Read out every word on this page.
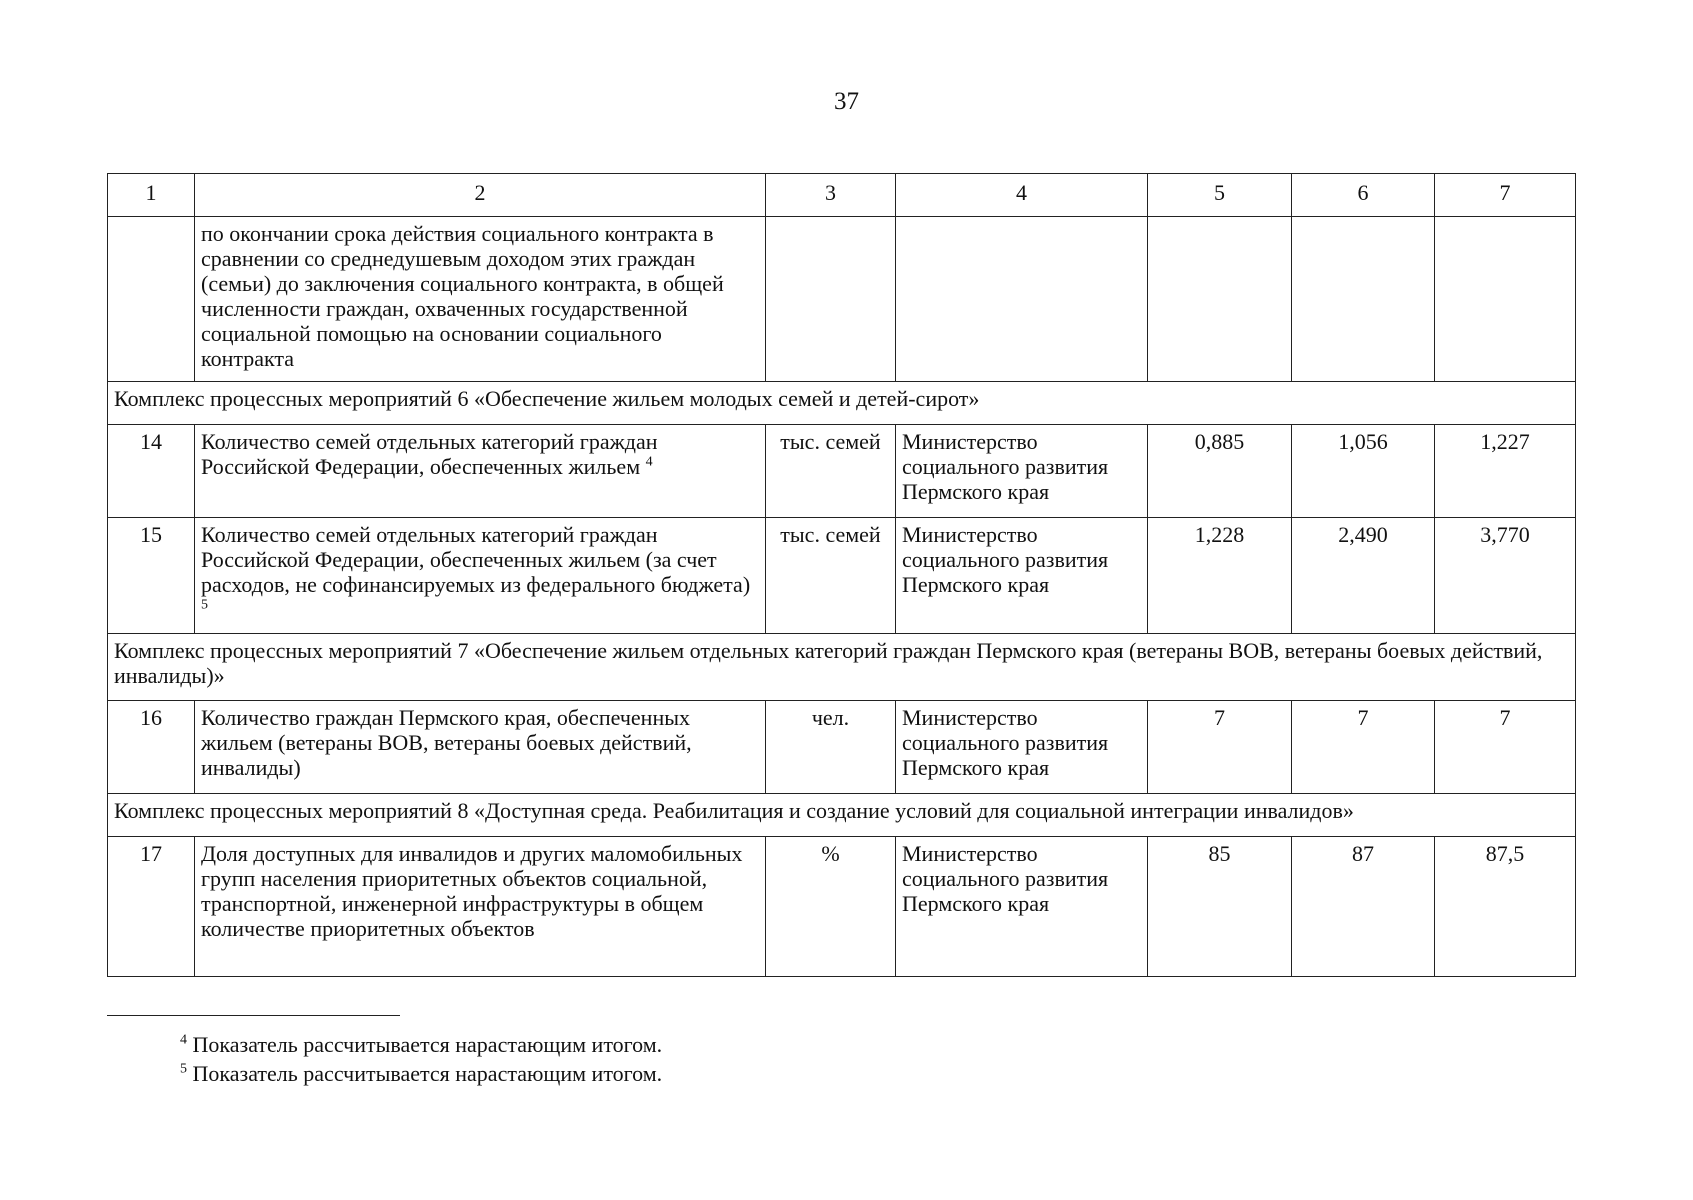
37
1	2	3	4	5	6	7
	по окончании срока действия социального контракта в сравнении со среднедушевым доходом этих граждан (семьи) до заключения социального контракта, в общей численности граждан, охваченных государственной социальной помощью на основании социального контракта					
Комплекс процессных мероприятий 6 «Обеспечение жильем молодых семей и детей-сирот»						
14	Количество семей отдельных категорий граждан Российской Федерации, обеспеченных жильем $^4$	тыс. семей	Министерство социального развития Пермского края	0,885	1,056	1,227
15	Количество семей отдельных категорий граждан Российской Федерации, обеспеченных жильем (за счет расходов, не софинансируемых из федерального бюджета) $^5$	тыс. семей	Министерство социального развития Пермского края	1,228	2,490	3,770
Комплекс процессных мероприятий 7 «Обеспечение жильем отдельных категорий граждан Пермского края (ветераны ВОВ, ветераны боевых действий, инвалиды)»						
16	Количество граждан Пермского края, обеспеченных жильем (ветераны ВОВ, ветераны боевых действий, инвалиды)	чел.	Министерство социального развития Пермского края	7	7	7
Комплекс процессных мероприятий 8 «Доступная среда. Реабилитация и создание условий для социальной интеграции инвалидов»						
17	Доля доступных для инвалидов и других маломобильных групп населения приоритетных объектов социальной, транспортной, инженерной инфраструктуры в общем количестве приоритетных объектов	%	Министерство социального развития Пермского края	85	87	87,5
$^4$ Показатель рассчитывается нарастающим итогом.
$^5$ Показатель рассчитывается нарастающим итогом.
